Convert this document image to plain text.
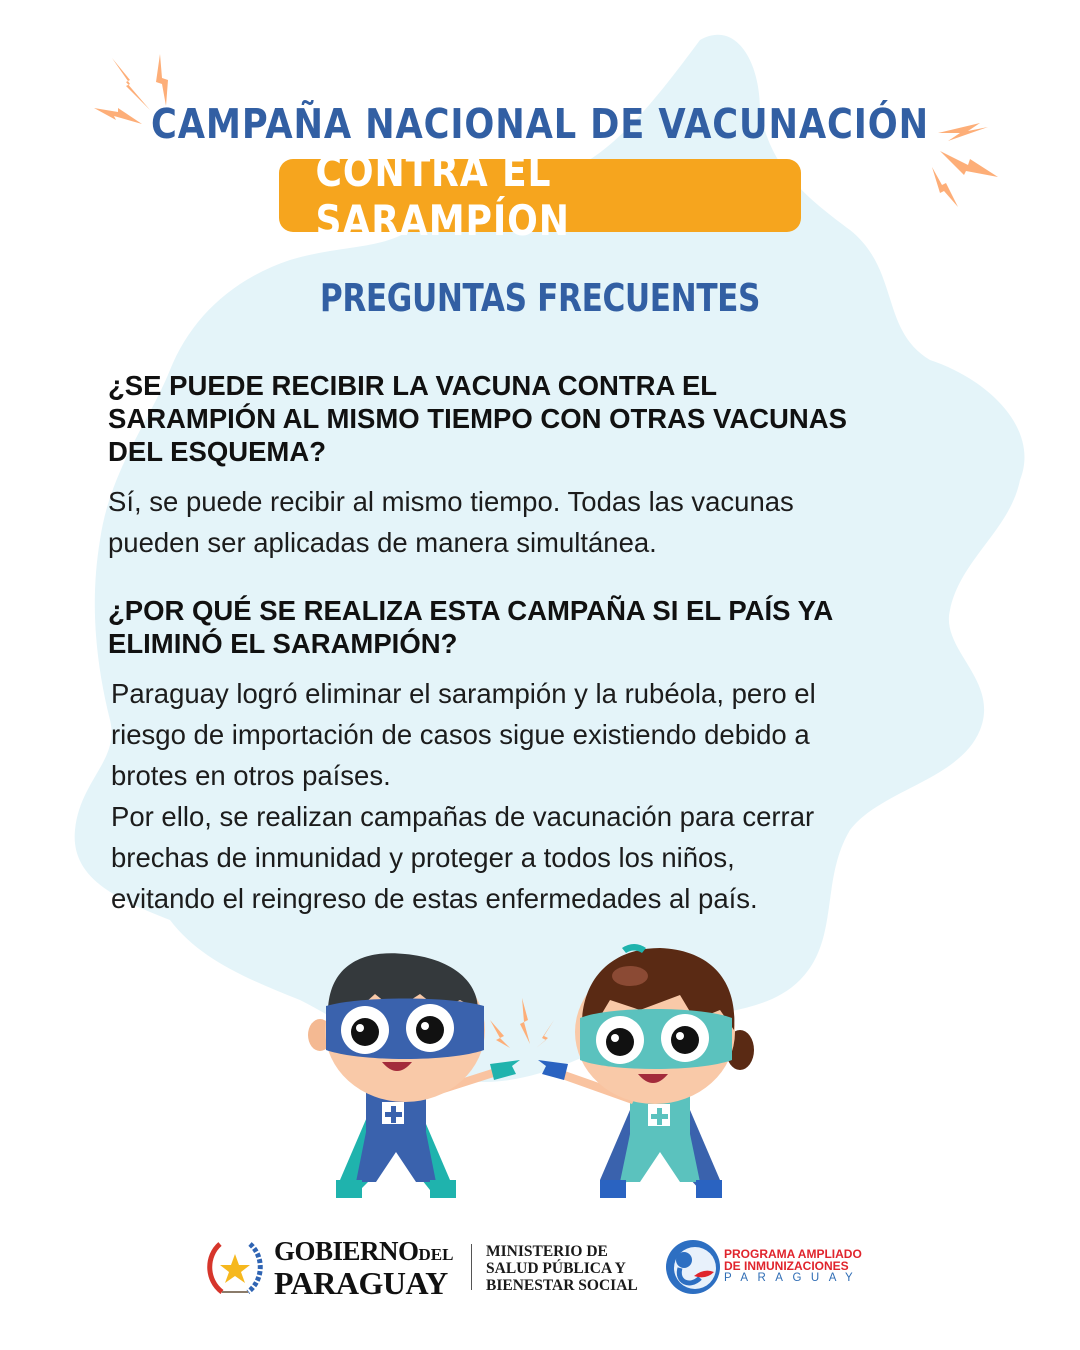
CAMPAÑA NACIONAL DE VACUNACIÓN
CONTRA EL SARAMPÍON
PREGUNTAS FRECUENTES
¿SE PUEDE RECIBIR LA VACUNA CONTRA EL
SARAMPIÓN AL MISMO TIEMPO CON OTRAS VACUNAS
DEL ESQUEMA?

Sí, se puede recibir al mismo tiempo. Todas las vacunas

pueden ser aplicadas de manera simultánea.

¿POR QUÉ SE REALIZA ESTA CAMPAÑA SI EL PAÍS YA
ELIMINÓ EL SARAMPIÓN?

Paraguay logró eliminar el sarampión y la rubéola, pero el

riesgo de importación de casos sigue existiendo debido a

brotes en otros países.

Por ello, se realizan campañas de vacunación para cerrar

brechas de inmunidad y proteger a todos los niños,

evitando el reingreso de estas enfermedades al país.

GOBIERNODEL
PARAGUAY
MINISTERIO DE
SALUD PÚBLICA Y
BIENESTAR SOCIAL
PROGRAMA AMPLIADO
DE INMUNIZACIONES
PARAGUAY
